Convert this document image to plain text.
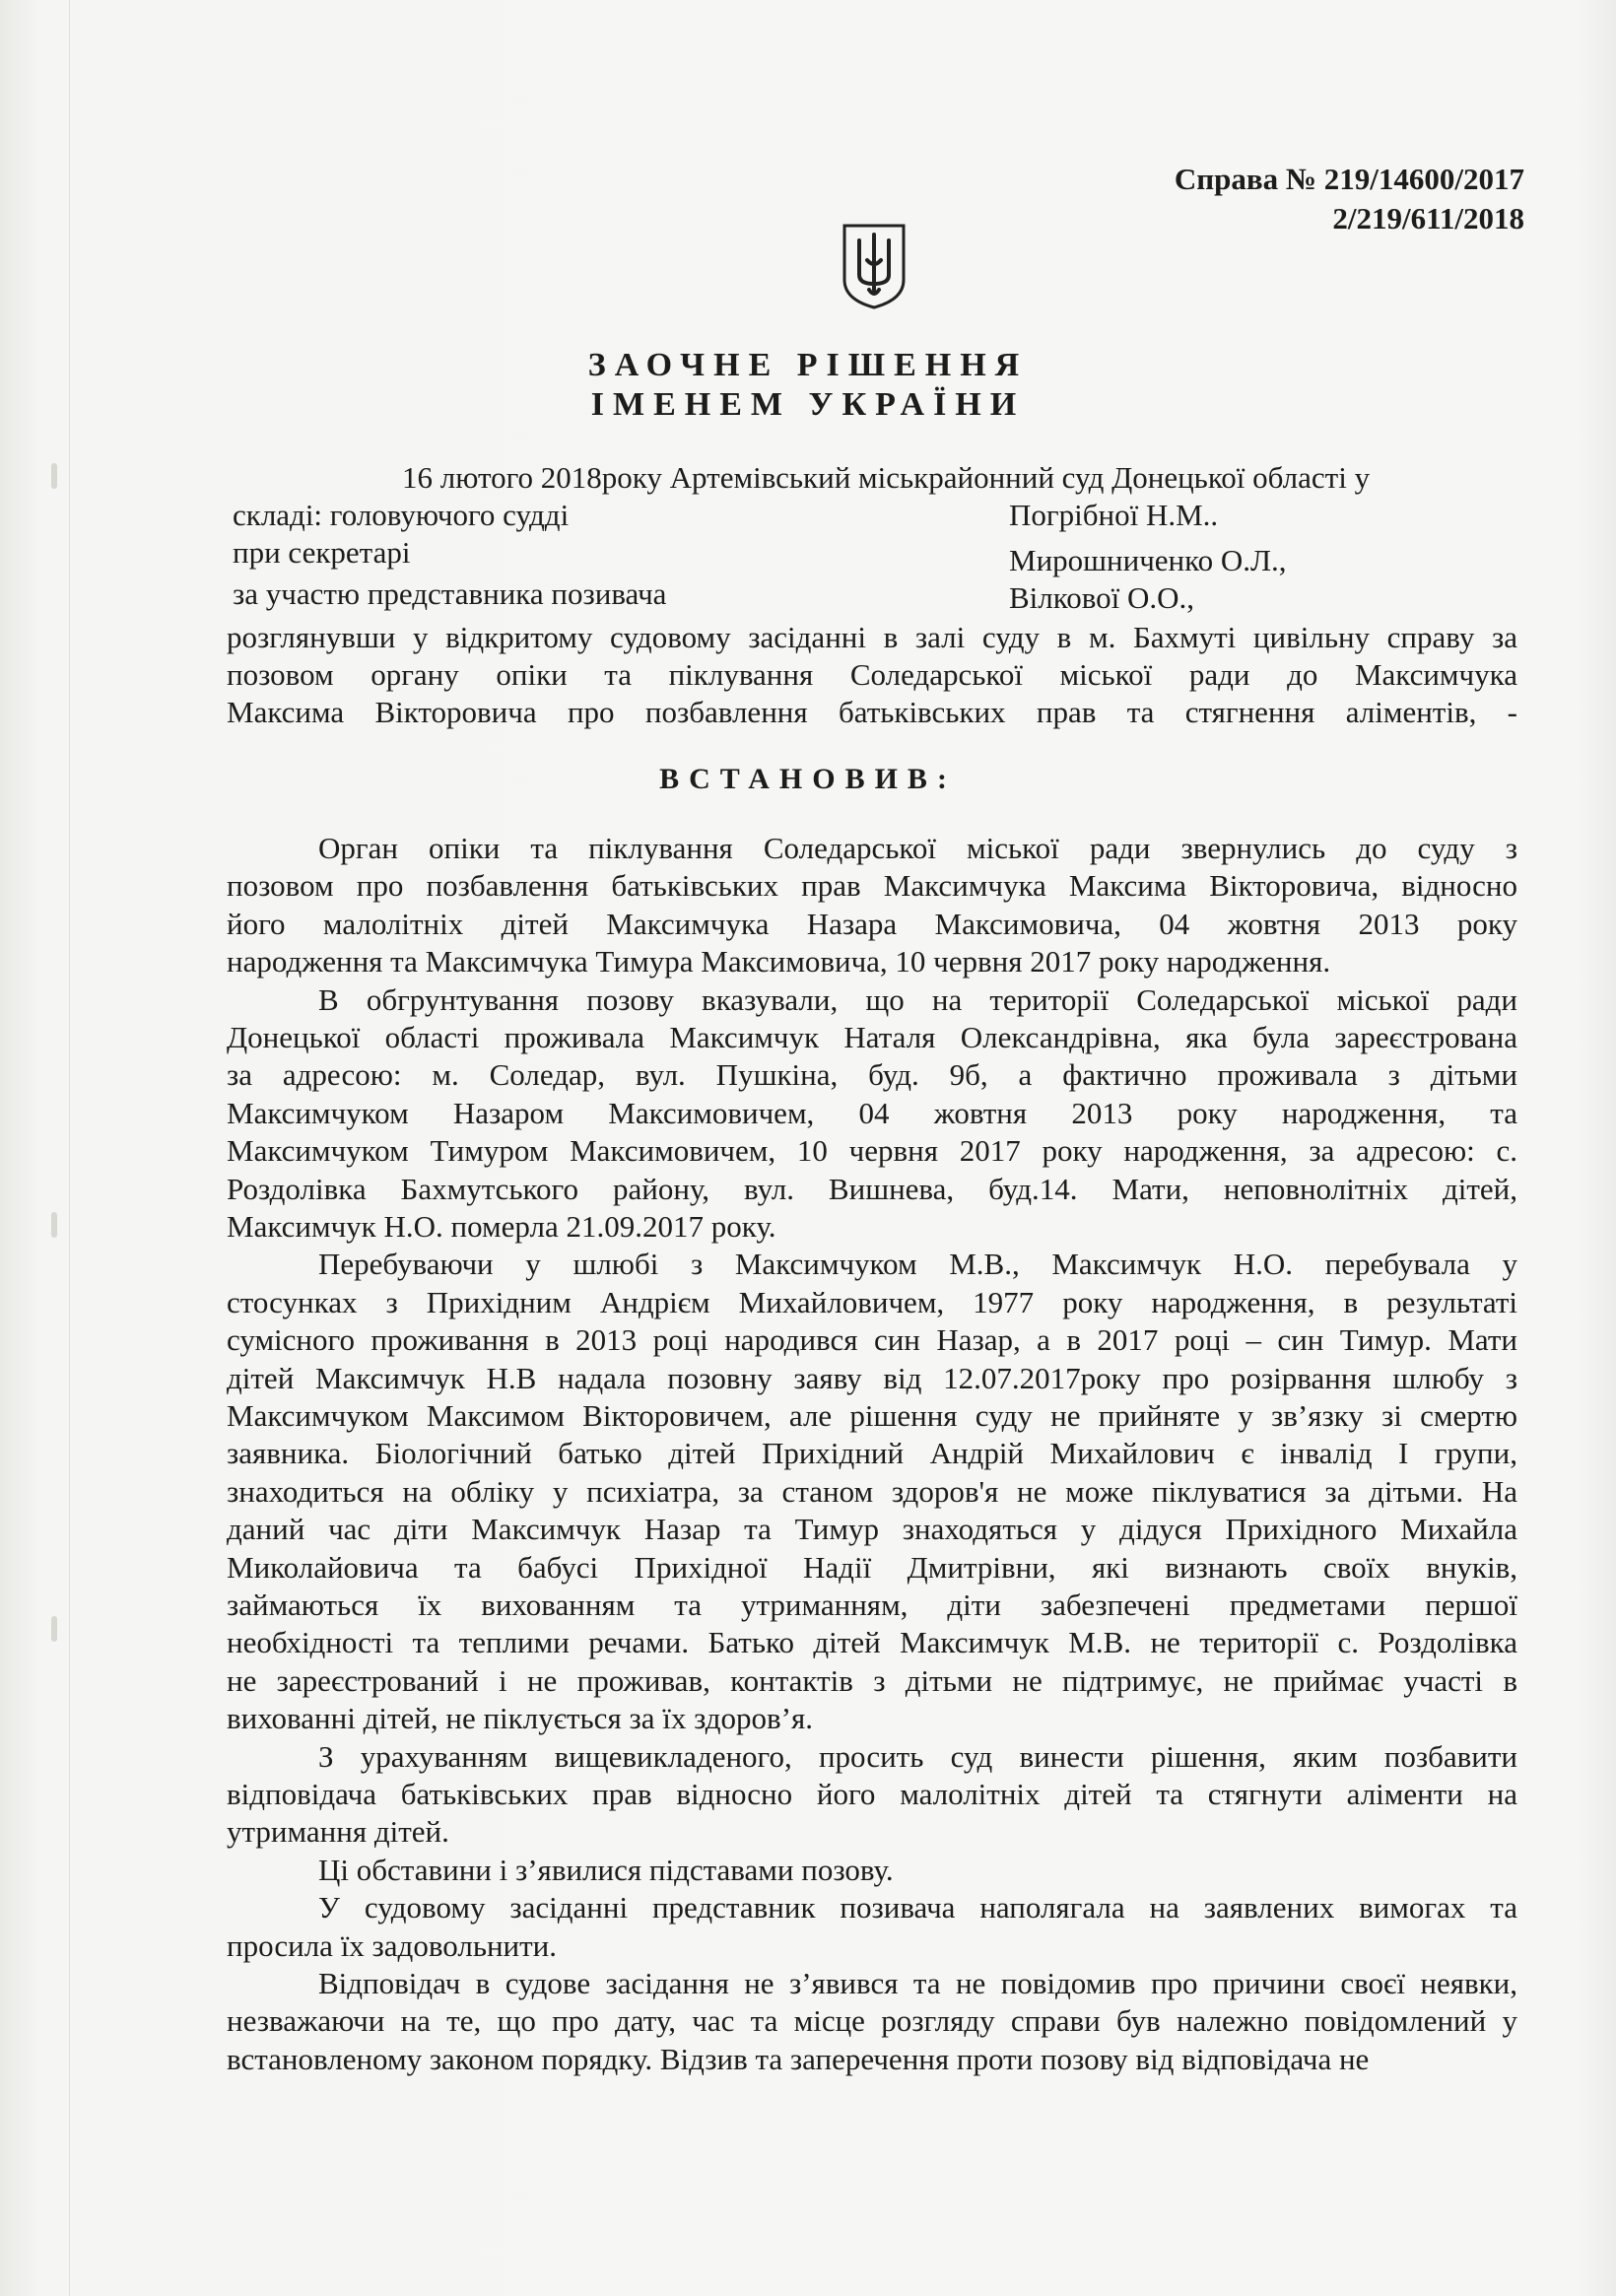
Справа № 219/14600/2017
2/219/611/2018
ЗАОЧНЕ РІШЕННЯ
ІМЕНЕМ УКРАЇНИ
16 лютого 2018року Артемівський міськрайонний суд Донецької області у
складі: головуючого судді	Погрібної Н.М..
при секретарі	Мирошниченко О.Л.,
за участю представника позивача	Вілкової О.О.,
розглянувши у відкритому судовому засіданні в залі суду в м. Бахмуті цивільну справу за
позовом органу опіки та піклування Соледарської міської ради до Максимчука
Максима Вікторовича про позбавлення батьківських прав та стягнення аліментів, -
ВСТАНОВИВ:
   Орган опіки та піклування Соледарської міської ради звернулись до суду з
позовом про позбавлення батьківських прав Максимчука Максима Вікторовича, відносно
його малолітніх дітей Максимчука Назара Максимовича, 04 жовтня 2013 року
народження та Максимчука Тимура Максимовича, 10 червня 2017 року народження.
   В обгрунтування позову вказували, що на території Соледарської міської ради
Донецької області проживала Максимчук Наталя Олександрівна, яка була зареєстрована
за адресою: м. Соледар, вул. Пушкіна, буд. 9б, а фактично проживала з дітьми
Максимчуком Назаром Максимовичем, 04 жовтня 2013 року народження, та
Максимчуком Тимуром Максимовичем, 10 червня 2017 року народження, за адресою: с.
Роздолівка Бахмутського району, вул. Вишнева, буд.14. Мати, неповнолітніх дітей,
Максимчук Н.О. померла 21.09.2017 року.
   Перебуваючи у шлюбі з Максимчуком М.В., Максимчук Н.О. перебувала у
стосунках з Прихідним Андрієм Михайловичем, 1977 року народження, в результаті
сумісного проживання в 2013 році народився син Назар, а в 2017 році – син Тимур. Мати
дітей Максимчук Н.В надала позовну заяву від 12.07.2017року про розірвання шлюбу з
Максимчуком Максимом Вікторовичем, але рішення суду не прийняте у зв’язку зі смертю
заявника. Біологічний батько дітей Прихідний Андрій Михайлович є інвалід І групи,
знаходиться на обліку у психіатра, за станом здоров'я не може піклуватися за дітьми. На
даний час діти Максимчук Назар та Тимур знаходяться у дідуся Прихідного Михайла
Миколайовича та бабусі Прихідної Надії Дмитрівни, які визнають своїх внуків,
займаються їх вихованням та утриманням, діти забезпечені предметами першої
необхідності та теплими речами. Батько дітей Максимчук М.В. не території с. Роздолівка
не зареєстрований і не проживав, контактів з дітьми не підтримує, не приймає участі в
вихованні дітей, не піклується за їх здоров’я.
   З урахуванням вищевикладеного, просить суд винести рішення, яким позбавити
відповідача батьківських прав відносно його малолітніх дітей та стягнути аліменти на
утримання дітей.
   Ці обставини і з’явилися підставами позову.
   У судовому засіданні представник позивача наполягала на заявлених вимогах та
просила їх задовольнити.
   Відповідач в судове засідання не з’явився та не повідомив про причини своєї неявки,
незважаючи на те, що про дату, час та місце розгляду справи був належно повідомлений у
встановленому законом порядку. Відзив та заперечення проти позову від відповідача не
